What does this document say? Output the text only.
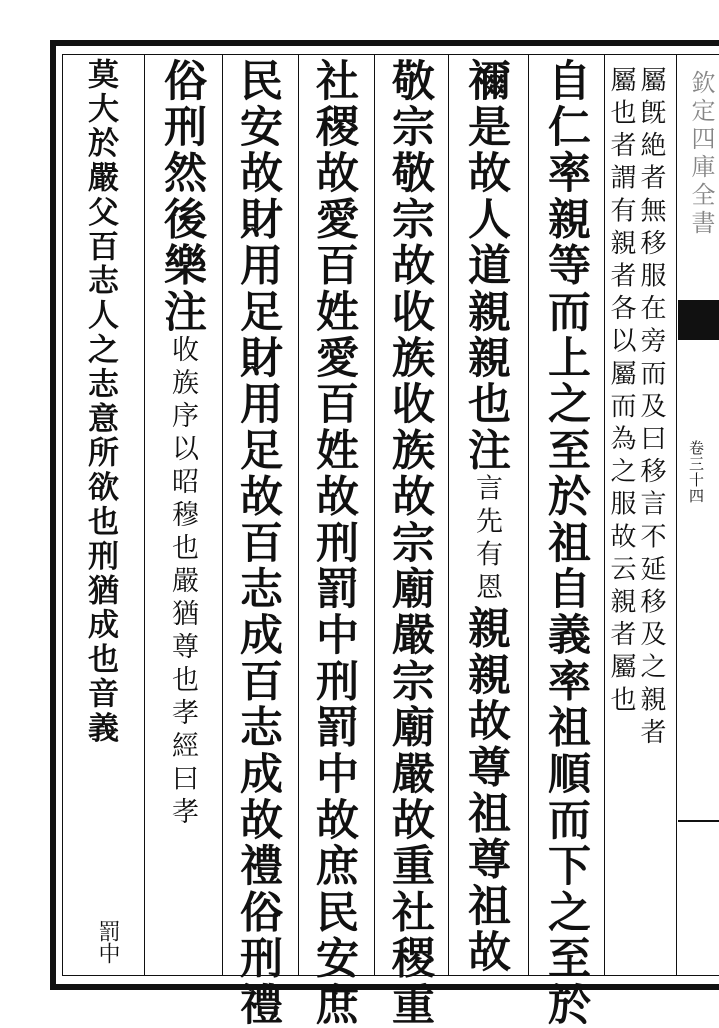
屬旣絶者無移服在旁而及曰移言不延移及之親者
屬也者謂有親者各以屬而為之服故云親者屬也
自仁率親等而上之至於祖自義率祖順而下之至於
禰是故人道親親也注言先有恩親親故尊祖尊祖故
敬宗敬宗故收族收族故宗廟嚴宗廟嚴故重社稷重
社稷故愛百姓愛百姓故刑罰中刑罰中故庶民安庶
民安故財用足財用足故百志成百志成故禮俗刑禮
俗刑然後樂注收族序以昭穆也嚴猶尊也孝經曰孝
莫大於嚴父百志人之志意所欲也刑猶成也音義
罰中
欽定四庫全書
卷三十四
